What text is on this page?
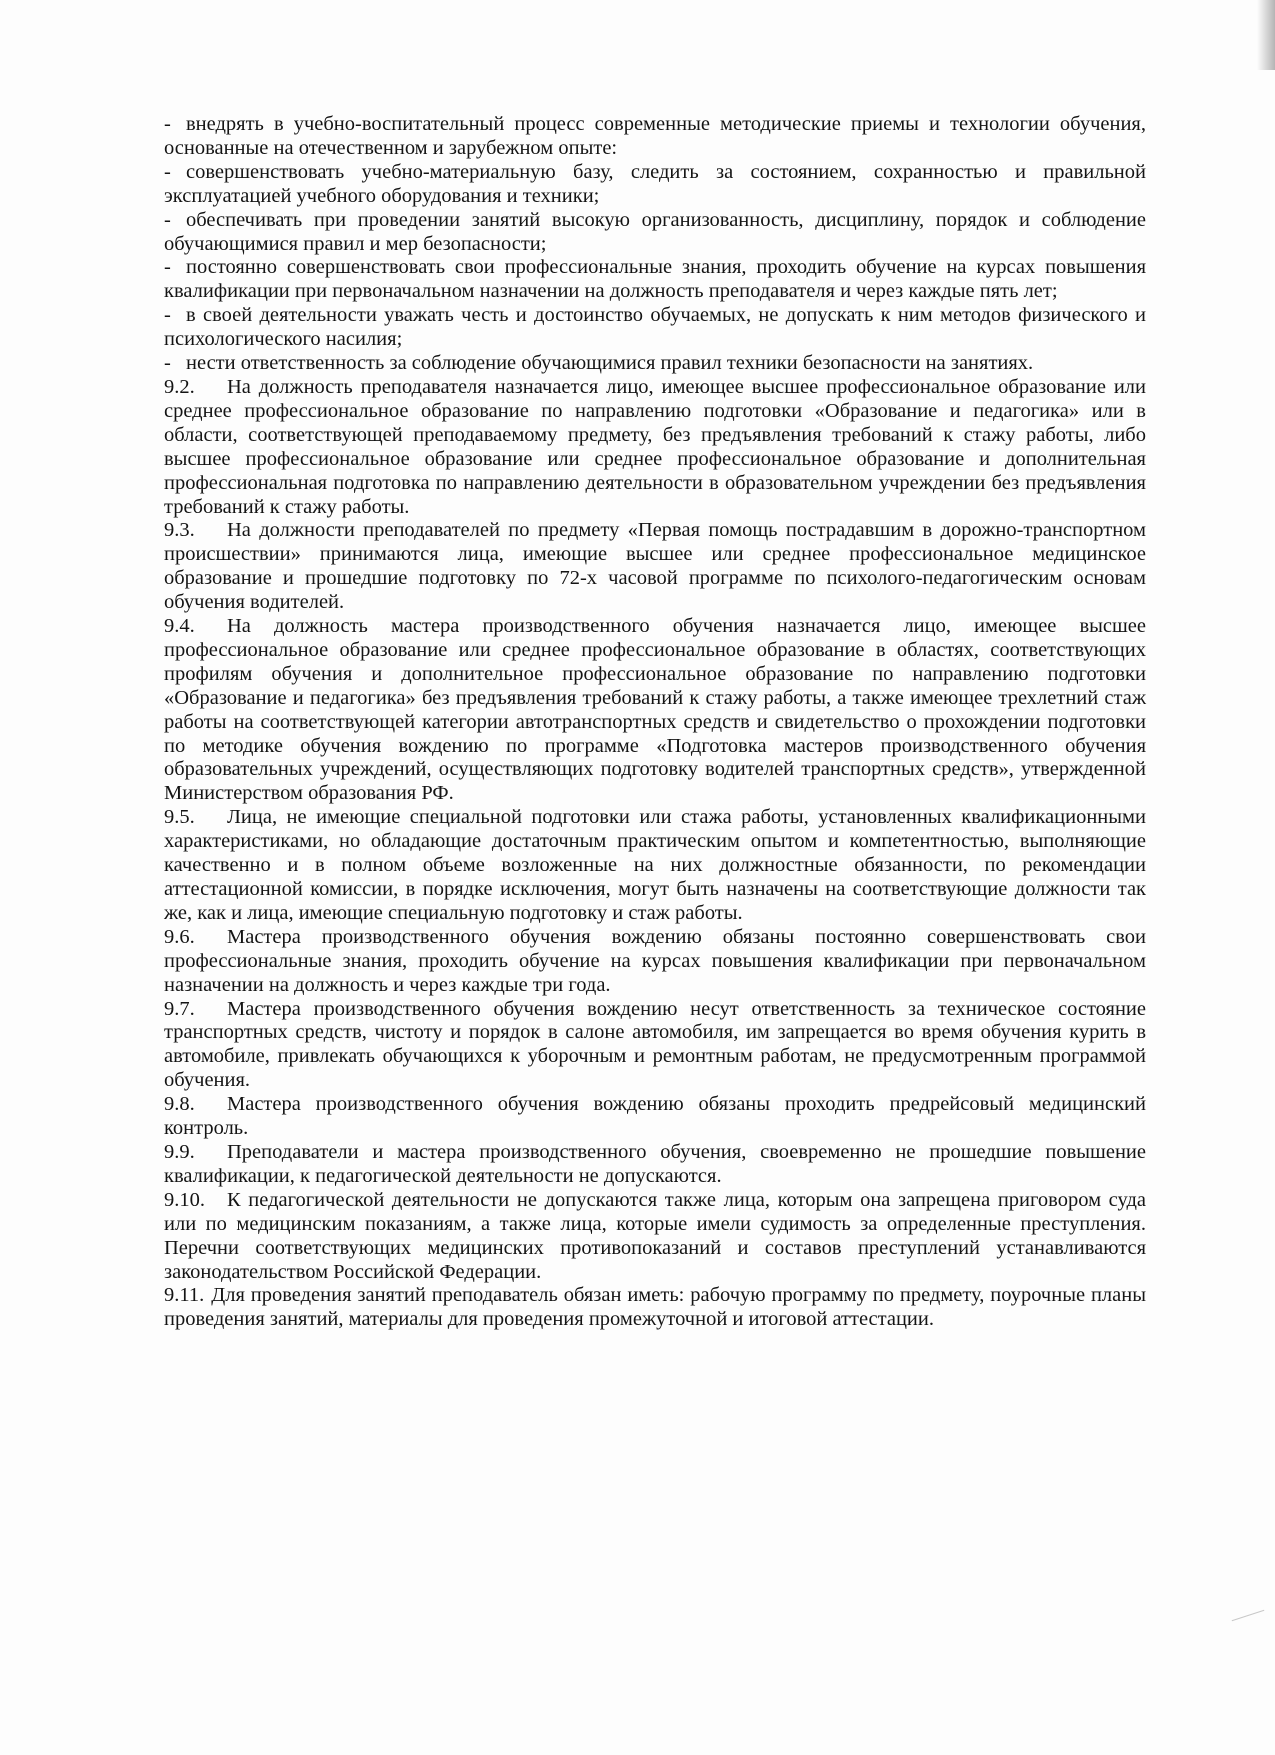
- внедрять в учебно-воспитательный процесс современные методические приемы и технологии обучения, основанные на отечественном и зарубежном опыте:

- совершенствовать учебно-материальную базу, следить за состоянием, сохранностью и правильной эксплуатацией учебного оборудования и техники;

- обеспечивать при проведении занятий высокую организованность, дисциплину, порядок и соблюдение обучающимися правил и мер безопасности;

- постоянно совершенствовать свои профессиональные знания, проходить обучение на курсах повышения квалификации при первоначальном назначении на должность преподавателя и через каждые пять лет;

- в своей деятельности уважать честь и достоинство обучаемых, не допускать к ним методов физического и психологического насилия;

- нести ответственность за соблюдение обучающимися правил техники безопасности на занятиях.

9.2. На должность преподавателя назначается лицо, имеющее высшее профессиональное образование или среднее профессиональное образование по направлению подготовки «Образование и педагогика» или в области, соответствующей преподаваемому предмету, без предъявления требований к стажу работы, либо высшее профессиональное образование или среднее профессиональное образование и дополнительная профессиональная подготовка по направлению деятельности в образовательном учреждении без предъявления требований к стажу работы.

9.3. На должности преподавателей по предмету «Первая помощь пострадавшим в дорожно-транспортном происшествии» принимаются лица, имеющие высшее или среднее профессиональное медицинское образование и прошедшие подготовку по 72-х часовой программе по психолого-педагогическим основам обучения водителей.

9.4. На должность мастера производственного обучения назначается лицо, имеющее высшее профессиональное образование или среднее профессиональное образование в областях, соответствующих профилям обучения и дополнительное профессиональное образование по направлению подготовки «Образование и педагогика» без предъявления требований к стажу работы, а также имеющее трехлетний стаж работы на соответствующей категории автотранспортных средств и свидетельство о прохождении подготовки по методике обучения вождению по программе «Подготовка мастеров производственного обучения образовательных учреждений, осуществляющих подготовку водителей транспортных средств», утвержденной Министерством образования РФ.

9.5. Лица, не имеющие специальной подготовки или стажа работы, установленных квалификационными характеристиками, но обладающие достаточным практическим опытом и компетентностью, выполняющие качественно и в полном объеме возложенные на них должностные обязанности, по рекомендации аттестационной комиссии, в порядке исключения, могут быть назначены на соответствующие должности так же, как и лица, имеющие специальную подготовку и стаж работы.

9.6. Мастера производственного обучения вождению обязаны постоянно совершенствовать свои профессиональные знания, проходить обучение на курсах повышения квалификации при первоначальном назначении на должность и через каждые три года.

9.7. Мастера производственного обучения вождению несут ответственность за техническое состояние транспортных средств, чистоту и порядок в салоне автомобиля, им запрещается во время обучения курить в автомобиле, привлекать обучающихся к уборочным и ремонтным работам, не предусмотренным программой обучения.

9.8. Мастера производственного обучения вождению обязаны проходить предрейсовый медицинский контроль.

9.9. Преподаватели и мастера производственного обучения, своевременно не прошедшие повышение квалификации, к педагогической деятельности не допускаются.

9.10. К педагогической деятельности не допускаются также лица, которым она запрещена приговором суда или по медицинским показаниям, а также лица, которые имели судимость за определенные преступления. Перечни соответствующих медицинских противопоказаний и составов преступлений устанавливаются законодательством Российской Федерации.

9.11. Для проведения занятий преподаватель обязан иметь: рабочую программу по предмету, поурочные планы проведения занятий, материалы для проведения промежуточной и итоговой аттестации.
